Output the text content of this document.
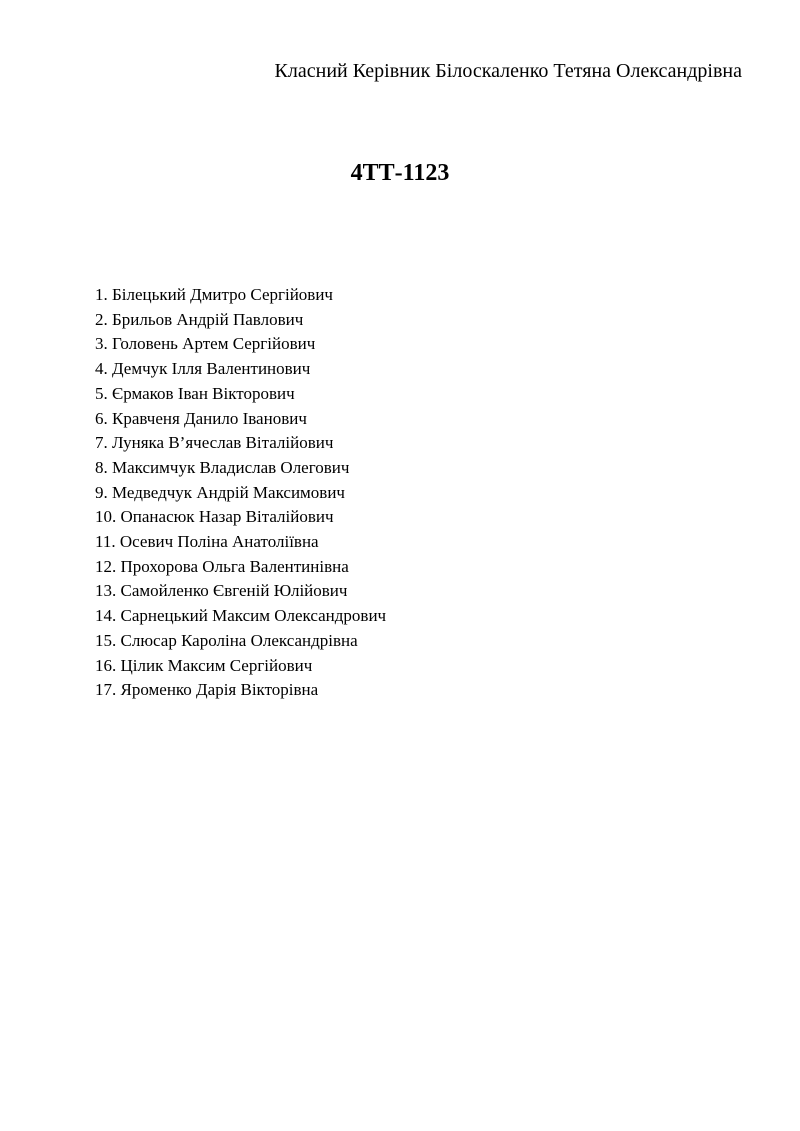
Класний Керівник Білоскаленко Тетяна Олександрівна
4ТТ-1123
1. Білецький Дмитро Сергійович
2. Брильов Андрій Павлович
3. Головень Артем Сергійович
4. Демчук Ілля Валентинович
5. Єрмаков Іван Вікторович
6. Кравченя Данило Іванович
7. Луняка В’ячеслав Віталійович
8. Максимчук Владислав Олегович
9. Медведчук Андрій Максимович
10. Опанасюк Назар Віталійович
11. Осевич Поліна Анатоліївна
12. Прохорова Ольга Валентинівна
13. Самойленко Євгеній Юлійович
14. Сарнецький Максим Олександрович
15. Слюсар Кароліна Олександрівна
16. Цілик Максим Сергійович
17. Яроменко Дарія Вікторівна
